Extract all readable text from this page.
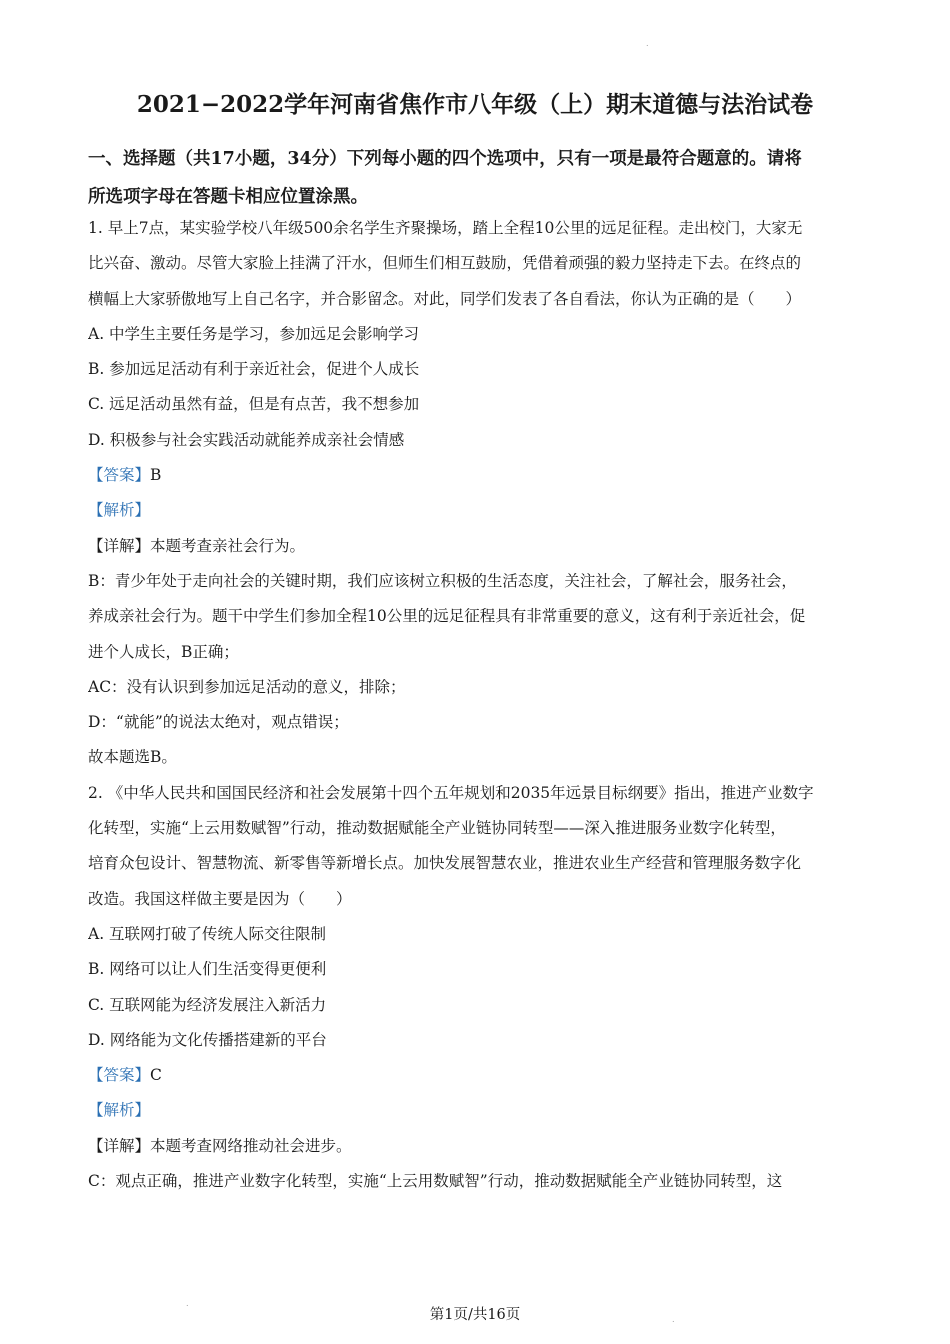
.
.
.
2021−2022学年河南省焦作市八年级（上）期末道德与法治试卷
一、选择题（共17小题，34分）下列每小题的四个选项中，只有一项是最符合题意的。请将
所选项字母在答题卡相应位置涂黑。
1. 早上7点，某实验学校八年级500余名学生齐聚操场，踏上全程10公里的远足征程。走出校门，大家无
比兴奋、激动。尽管大家脸上挂满了汗水，但师生们相互鼓励，凭借着顽强的毅力坚持走下去。在终点的
横幅上大家骄傲地写上自己名字，并合影留念。对此，同学们发表了各自看法，你认为正确的是（　　）
A. 中学生主要任务是学习，参加远足会影响学习
B. 参加远足活动有利于亲近社会，促进个人成长
C. 远足活动虽然有益，但是有点苦，我不想参加
D. 积极参与社会实践活动就能养成亲社会情感
【答案】B
【解析】
【详解】本题考查亲社会行为。
B：青少年处于走向社会的关键时期，我们应该树立积极的生活态度，关注社会，了解社会，服务社会，
养成亲社会行为。题干中学生们参加全程10公里的远足征程具有非常重要的意义，这有利于亲近社会，促
进个人成长，B正确；
AC：没有认识到参加远足活动的意义，排除；
D：“就能”的说法太绝对，观点错误；
故本题选B。
2. 《中华人民共和国国民经济和社会发展第十四个五年规划和2035年远景目标纲要》指出，推进产业数字
化转型，实施“上云用数赋智”行动，推动数据赋能全产业链协同转型——深入推进服务业数字化转型，
培育众包设计、智慧物流、新零售等新增长点。加快发展智慧农业，推进农业生产经营和管理服务数字化
改造。我国这样做主要是因为（　　）
A. 互联网打破了传统人际交往限制
B. 网络可以让人们生活变得更便利
C. 互联网能为经济发展注入新活力
D. 网络能为文化传播搭建新的平台
【答案】C
【解析】
【详解】本题考查网络推动社会进步。
C：观点正确，推进产业数字化转型，实施“上云用数赋智”行动，推动数据赋能全产业链协同转型，这
第1页/共16页
